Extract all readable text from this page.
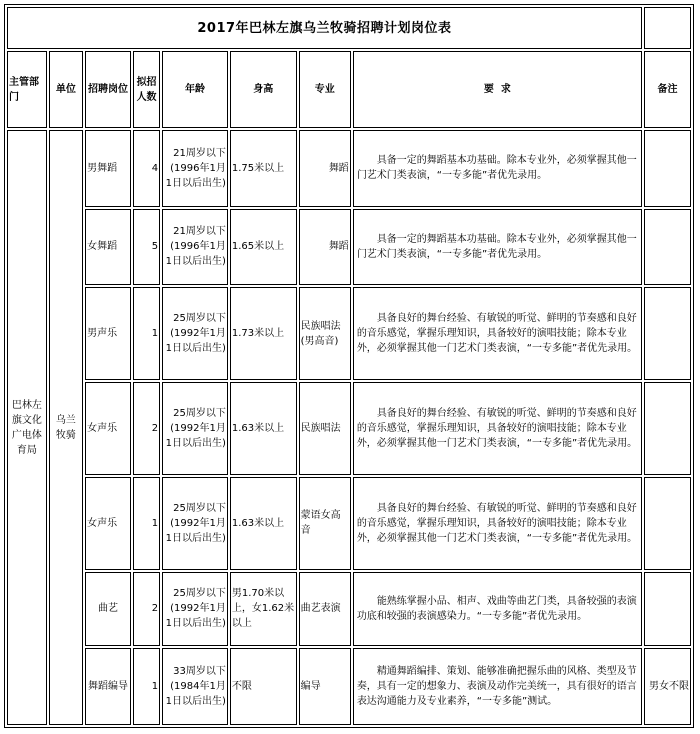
2017年巴林左旗乌兰牧骑招聘计划岗位表								
主管部门	单位	招聘岗位	拟招人数	年龄	身高	专业	要  求	备注
巴林左旗文化广电体育局	乌兰牧骑	男舞蹈	4	21周岁以下(1996年1月1日以后出生)	1.75米以上	舞蹈	具备一定的舞蹈基本功基础。除本专业外，必须掌握其他一门艺术门类表演，“一专多能”者优先录用。	
		女舞蹈	5	21周岁以下(1996年1月1日以后出生)	1.65米以上	舞蹈	具备一定的舞蹈基本功基础。除本专业外，必须掌握其他一门艺术门类表演，“一专多能”者优先录用。	
		男声乐	1	25周岁以下(1992年1月1日以后出生)	1.73米以上	民族唱法(男高音)	具备良好的舞台经验、有敏锐的听觉、鲜明的节奏感和良好的音乐感觉，掌握乐理知识，具备较好的演唱技能；除本专业外，必须掌握其他一门艺术门类表演，“一专多能”者优先录用。	
		女声乐	2	25周岁以下(1992年1月1日以后出生)	1.63米以上	民族唱法	具备良好的舞台经验、有敏锐的听觉、鲜明的节奏感和良好的音乐感觉，掌握乐理知识，具备较好的演唱技能；除本专业外，必须掌握其他一门艺术门类表演，“一专多能”者优先录用。	
		女声乐	1	25周岁以下(1992年1月1日以后出生)	1.63米以上	蒙语女高音	具备良好的舞台经验、有敏锐的听觉、鲜明的节奏感和良好的音乐感觉，掌握乐理知识，具备较好的演唱技能；除本专业外，必须掌握其他一门艺术门类表演，“一专多能”者优先录用。	
		曲艺	2	25周岁以下(1992年1月1日以后出生)	男1.70米以上，女1.62米以上	曲艺表演	能熟练掌握小品、相声、戏曲等曲艺门类，具备较强的表演功底和较强的表演感染力。“一专多能”者优先录用。	
		舞蹈编导	1	33周岁以下(1984年1月1日以后出生)	不限	编导	精通舞蹈编排、策划、能够准确把握乐曲的风格、类型及节奏，具有一定的想象力、表演及动作完美统一，具有很好的语言表达沟通能力及专业素养，“一专多能”测试。	男女不限
